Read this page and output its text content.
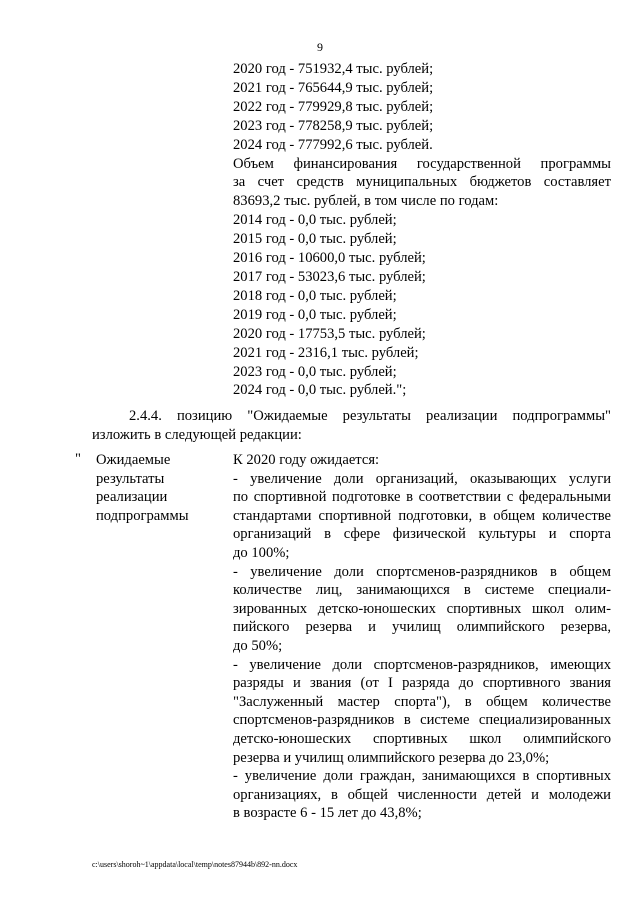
9
2020 год - 751932,4 тыс. рублей;
2021 год - 765644,9 тыс. рублей;
2022 год - 779929,8 тыс. рублей;
2023 год - 778258,9 тыс. рублей;
2024 год - 777992,6 тыс. рублей.
Объем финансирования государственной программы
за счет средств муниципальных бюджетов составляет
83693,2 тыс. рублей, в том числе по годам:
2014 год - 0,0 тыс. рублей;
2015 год - 0,0 тыс. рублей;
2016 год - 10600,0 тыс. рублей;
2017 год - 53023,6 тыс. рублей;
2018 год - 0,0 тыс. рублей;
2019 год - 0,0 тыс. рублей;
2020 год - 17753,5 тыс. рублей;
2021 год - 2316,1 тыс. рублей;
2023 год - 0,0 тыс. рублей;
2024 год - 0,0 тыс. рублей.";
2.4.4. позицию "Ожидаемые результаты реализации подпрограммы"
изложить в следующей редакции:
" Ожидаемые
результаты
реализации
подпрограммы
К 2020 году ожидается:
- увеличение доли организаций, оказывающих услуги
по спортивной подготовке в соответствии с федеральными
стандартами спортивной подготовки, в общем количестве
организаций в сфере физической культуры и спорта
до 100%;
- увеличение доли спортсменов-разрядников в общем
количестве лиц, занимающихся в системе специали-
зированных детско-юношеских спортивных школ олим-
пийского резерва и училищ олимпийского резерва,
до 50%;
- увеличение доли спортсменов-разрядников, имеющих
разряды и звания (от I разряда до спортивного звания
"Заслуженный мастер спорта"), в общем количестве
спортсменов-разрядников в системе специализированных
детско-юношеских спортивных школ олимпийского
резерва и училищ олимпийского резерва до 23,0%;
- увеличение доли граждан, занимающихся в спортивных
организациях, в общей численности детей и молодежи
в возрасте 6 - 15 лет до 43,8%;
c:\users\shoroh~1\appdata\local\temp\notes87944b\892-nn.docx
